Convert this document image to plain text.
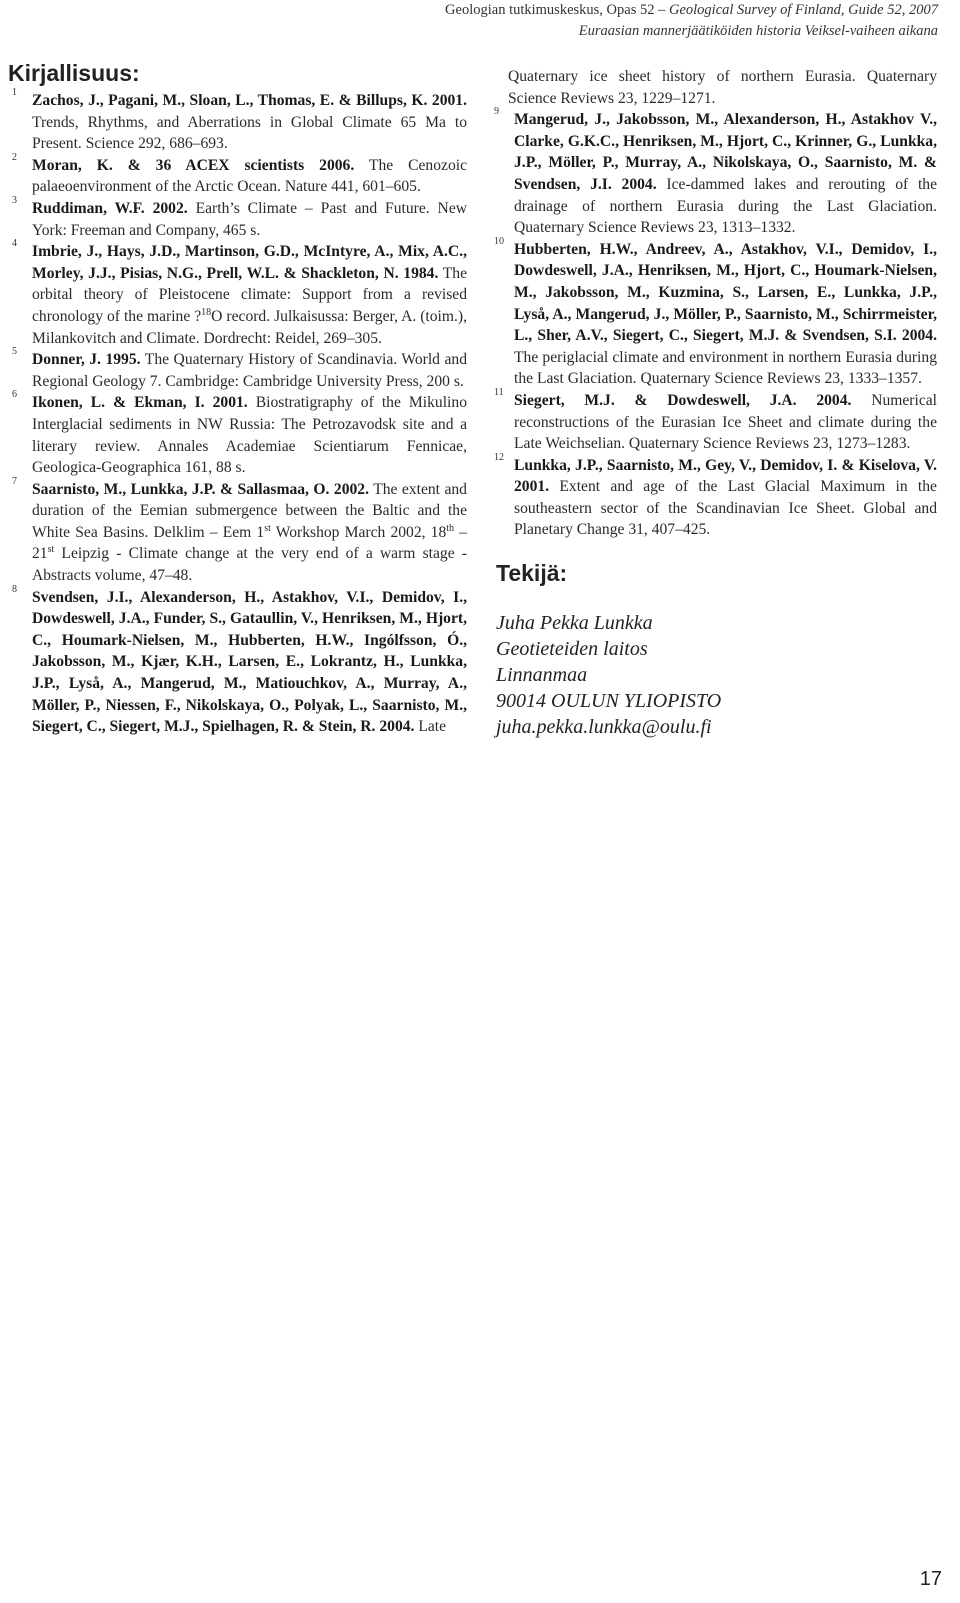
Geologian tutkimuskeskus, Opas 52 – Geological Survey of Finland, Guide 52, 2007
Euraasian mannerjäätiköiden historia Veiksel-vaiheen aikana
Kirjallisuus:

1 Zachos, J., Pagani, M., Sloan, L., Thomas, E. & Billups, K. 2001. Trends, Rhythms, and Aberrations in Global Climate 65 Ma to Present. Science 292, 686–693.

2 Moran, K. & 36 ACEX scientists 2006. The Cenozoic palaeoenvironment of the Arctic Ocean. Nature 441, 601–605.

3 Ruddiman, W.F. 2002. Earth’s Climate – Past and Future. New York: Freeman and Company, 465 s.

4 Imbrie, J., Hays, J.D., Martinson, G.D., McIntyre, A., Mix, A.C., Morley, J.J., Pisias, N.G., Prell, W.L. & Shackleton, N. 1984. The orbital theory of Pleistocene climate: Support from a revised chronology of the marine ?$^{18}$O record. Julkaisussa: Berger, A. (toim.), Milankovitch and Climate. Dordrecht: Reidel, 269–305.

5 Donner, J. 1995. The Quaternary History of Scandinavia. World and Regional Geology 7. Cambridge: Cambridge University Press, 200 s.

6 Ikonen, L. & Ekman, I. 2001. Biostratigraphy of the Mikulino Interglacial sediments in NW Russia: The Petrozavodsk site and a literary review. Annales Academiae Scientiarum Fennicae, Geologica-Geographica 161, 88 s.

7 Saarnisto, M., Lunkka, J.P. & Sallasmaa, O. 2002. The extent and duration of the Eemian submergence between the Baltic and the White Sea Basins. Delklim – Eem 1st Workshop March 2002, 18th – 21st Leipzig - Climate change at the very end of a warm stage - Abstracts volume, 47–48.

8 Svendsen, J.I., Alexanderson, H., Astakhov, V.I., Demidov, I., Dowdeswell, J.A., Funder, S., Gataullin, V., Henriksen, M., Hjort, C., Houmark-Nielsen, M., Hubberten, H.W., Ingólfsson, Ó., Jakobsson, M., Kjær, K.H., Larsen, E., Lokrantz, H., Lunkka, J.P., Lyså, A., Mangerud, M., Matiouchkov, A., Murray, A., Möller, P., Niessen, F., Nikolskaya, O., Polyak, L., Saarnisto, M., Siegert, C., Siegert, M.J., Spielhagen, R. & Stein, R. 2004. Late

Quaternary ice sheet history of northern Eurasia. Quaternary Science Reviews 23, 1229–1271.

9 Mangerud, J., Jakobsson, M., Alexanderson, H., Astakhov V., Clarke, G.K.C., Henriksen, M., Hjort, C., Krinner, G., Lunkka, J.P., Möller, P., Murray, A., Nikolskaya, O., Saarnisto, M. & Svendsen, J.I. 2004. Ice-dammed lakes and rerouting of the drainage of northern Eurasia during the Last Glaciation. Quaternary Science Reviews 23, 1313–1332.

10 Hubberten, H.W., Andreev, A., Astakhov, V.I., Demidov, I., Dowdeswell, J.A., Henriksen, M., Hjort, C., Houmark-Nielsen, M., Jakobsson, M., Kuzmina, S., Larsen, E., Lunkka, J.P., Lyså, A., Mangerud, J., Möller, P., Saarnisto, M., Schirrmeister, L., Sher, A.V., Siegert, C., Siegert, M.J. & Svendsen, S.I. 2004. The periglacial climate and environment in northern Eurasia during the Last Glaciation. Quaternary Science Reviews 23, 1333–1357.

11 Siegert, M.J. & Dowdeswell, J.A. 2004. Numerical reconstructions of the Eurasian Ice Sheet and climate during the Late Weichselian. Quaternary Science Reviews 23, 1273–1283.

12 Lunkka, J.P., Saarnisto, M., Gey, V., Demidov, I. & Kiselova, V. 2001. Extent and age of the Last Glacial Maximum in the southeastern sector of the Scandinavian Ice Sheet. Global and Planetary Change 31, 407–425.

Tekijä:
Juha Pekka Lunkka
Geotieteiden laitos
Linnanmaa
90014 OULUN YLIOPISTO
juha.pekka.lunkka@oulu.fi
17
